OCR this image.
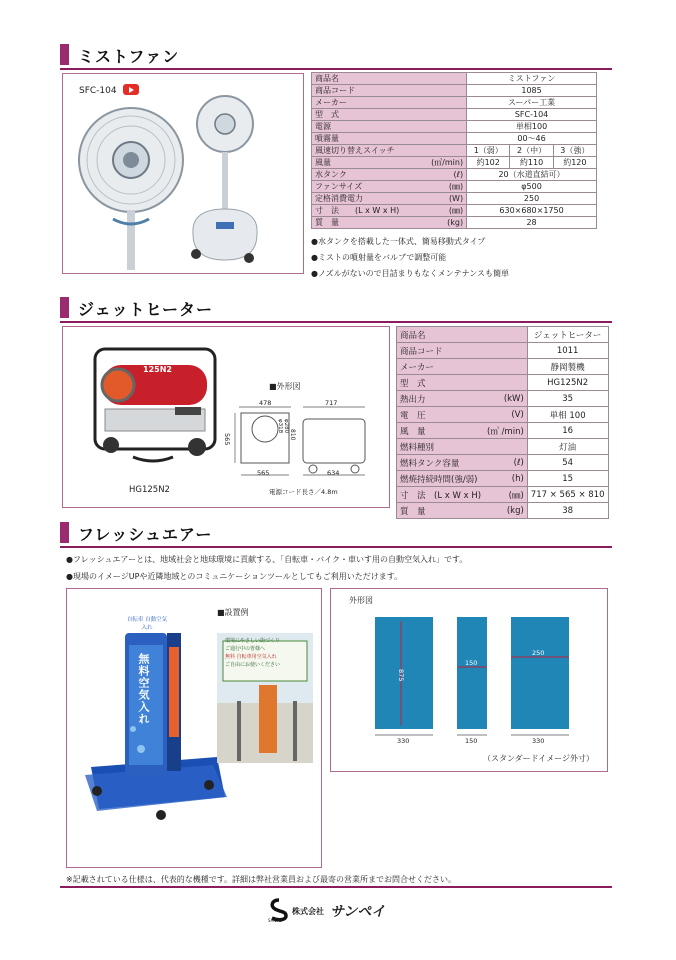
ミストファン
SFC-104
商品名		ミストファン		
商品コード		1085		
メーカー		スーパー工業		
型　式		SFC-104		
電源		単相100		
噴霧量		00～46		
風速切り替えスイッチ		1（弱）	2（中）	3（強）
風量	(㎥/min)	約102	約110	約120
水タンク	(ℓ)	20（水道直結可）		
ファンサイズ	(㎜)	φ500		
定格消費電力	(W)	250		
寸　法　　(L x W x H)	(㎜)	630×680×1750		
質　量	(kg)	28		
●水タンクを搭載した一体式、簡易移動式タイプ
●ミストの噴射量をバルブで調整可能
●ノズルがないので目詰まりもなくメンテナンスも簡単
ジェットヒーター
125N2
HG125N2
■外形図
478	717
565	810
φ318 φ280
565	634
電源コード長さ／4.8m
商品名		ジェットヒーター
商品コード		1011
メーカー		静岡製機
型　式		HG125N2
熱出力	(kW)	35
電　圧	(V)	単相 100
風　量	(㎥ /min)	16
燃料種別		灯油
燃料タンク容量	(ℓ)	54
燃焼持続時間(強/弱)	(h)	15
寸　法　(L x W x H)	(㎜)	717 × 565 × 810
質　量	(kg)	38
フレッシュエアー
●フレッシュエアーとは、地域社会と地球環境に貢献する、「自転車・バイク・車いす用の自動空気入れ」です。
●現場のイメージUPや近隣地域とのコミュニケーションツールとしてもご利用いただけます。
自転車 自動空気入れ
無料空気入れ
■設置例
環境にやさしい街づくり
ご通行中の皆様へ
無料 自転車用空気入れ
ご自由にお使いください
外形図
875
150
250
330	150	330
（スタンダードイメージ外寸）
※記載されている仕様は、代表的な機種です。詳細は弊社営業員および最寄の営業所までお問合せください。
SANPEI
株式会社 サンペイ
